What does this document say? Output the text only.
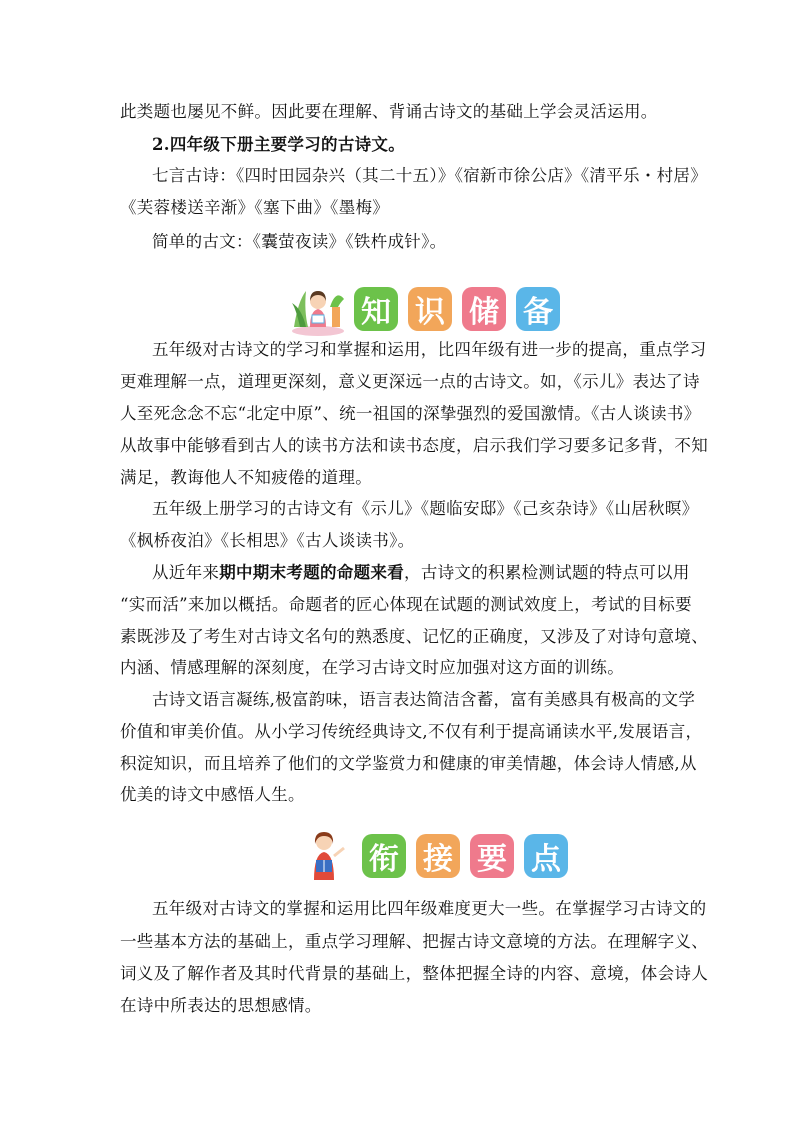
此类题也屡见不鲜。因此要在理解、背诵古诗文的基础上学会灵活运用。
2.四年级下册主要学习的古诗文。
七言古诗：《四时田园杂兴（其二十五）》《宿新市徐公店》《清平乐・村居》
《芙蓉楼送辛渐》《塞下曲》《墨梅》
简单的古文：《囊萤夜读》《铁杵成针》。
知 识 储 备
五年级对古诗文的学习和掌握和运用，比四年级有进一步的提高，重点学习
更难理解一点，道理更深刻，意义更深远一点的古诗文。如，《示儿》表达了诗
人至死念念不忘“北定中原”、统一祖国的深挚强烈的爱国激情。《古人谈读书》
从故事中能够看到古人的读书方法和读书态度，启示我们学习要多记多背，不知
满足，教诲他人不知疲倦的道理。
五年级上册学习的古诗文有《示儿》《题临安邸》《己亥杂诗》《山居秋暝》
《枫桥夜泊》《长相思》《古人谈读书》。
从近年来期中期末考题的命题来看，古诗文的积累检测试题的特点可以用
“实而活”来加以概括。命题者的匠心体现在试题的测试效度上，考试的目标要
素既涉及了考生对古诗文名句的熟悉度、记忆的正确度，又涉及了对诗句意境、
内涵、情感理解的深刻度，在学习古诗文时应加强对这方面的训练。
古诗文语言凝练,极富韵味，语言表达简洁含蓄，富有美感具有极高的文学
价值和审美价值。从小学习传统经典诗文,不仅有利于提高诵读水平,发展语言，
积淀知识，而且培养了他们的文学鉴赏力和健康的审美情趣，体会诗人情感,从
优美的诗文中感悟人生。
衔 接 要 点
五年级对古诗文的掌握和运用比四年级难度更大一些。在掌握学习古诗文的
一些基本方法的基础上，重点学习理解、把握古诗文意境的方法。在理解字义、
词义及了解作者及其时代背景的基础上，整体把握全诗的内容、意境，体会诗人
在诗中所表达的思想感情。
